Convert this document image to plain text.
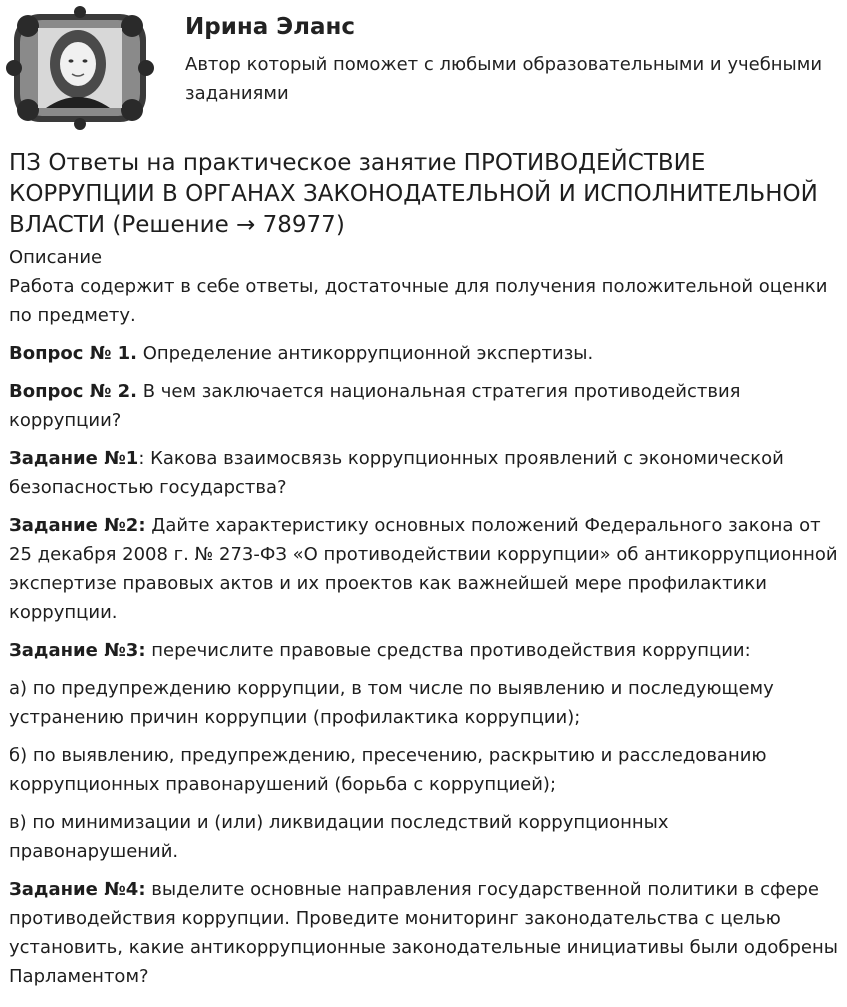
Ирина Эланс
Автор который поможет с любыми образовательными и учебными заданиями
ПЗ Ответы на практическое занятие ПРОТИВОДЕЙСТВИЕ КОРРУПЦИИ В ОРГАНАХ ЗАКОНОДАТЕЛЬНОЙ И ИСПОЛНИТЕЛЬНОЙ ВЛАСТИ (Решение → 78977)
Описание
Работа содержит в себе ответы, достаточные для получения положительной оценки по предмету.
Вопрос № 1. Определение антикоррупционной экспертизы.
Вопрос № 2. В чем заключается национальная стратегия противодействия коррупции?
Задание №1: Какова взаимосвязь коррупционных проявлений с экономической безопасностью государства?
Задание №2: Дайте характеристику основных положений Федерального закона от 25 декабря 2008 г. № 273-ФЗ «О противодействии коррупции» об антикоррупционной экспертизе правовых актов и их проектов как важнейшей мере профилактики коррупции.
Задание №3: перечислите правовые средства противодействия коррупции:
а) по предупреждению коррупции, в том числе по выявлению и последующему устранению причин коррупции (профилактика коррупции);
б) по выявлению, предупреждению, пресечению, раскрытию и расследованию коррупционных правонарушений (борьба с коррупцией);
в) по минимизации и (или) ликвидации последствий коррупционных правонарушений.
Задание №4: выделите основные направления государственной политики в сфере противодействия коррупции. Проведите мониторинг законодательства с целью установить, какие антикоррупционные законодательные инициативы были одобрены Парламентом?
